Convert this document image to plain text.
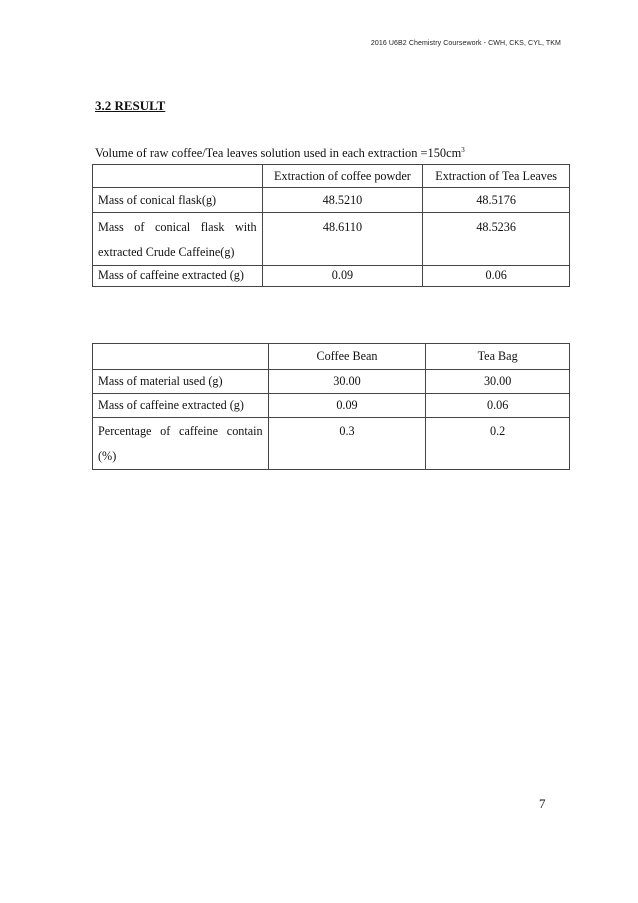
2016 U6B2 Chemistry Coursework - CWH, CKS, CYL, TKM
3.2 RESULT
Volume of raw coffee/Tea leaves solution used in each extraction $=150cm^3$
	Extraction of coffee powder	Extraction of Tea Leaves
Mass of conical flask(g)	48.5210	48.5176
Mass of conical flask with extracted Crude Caffeine(g)	48.6110	48.5236
Mass of caffeine extracted (g)	0.09	0.06
	Coffee Bean	Tea Bag
Mass of material used (g)	30.00	30.00
Mass of caffeine extracted (g)	0.09	0.06
Percentage of caffeine contain (%)	0.3	0.2
7
